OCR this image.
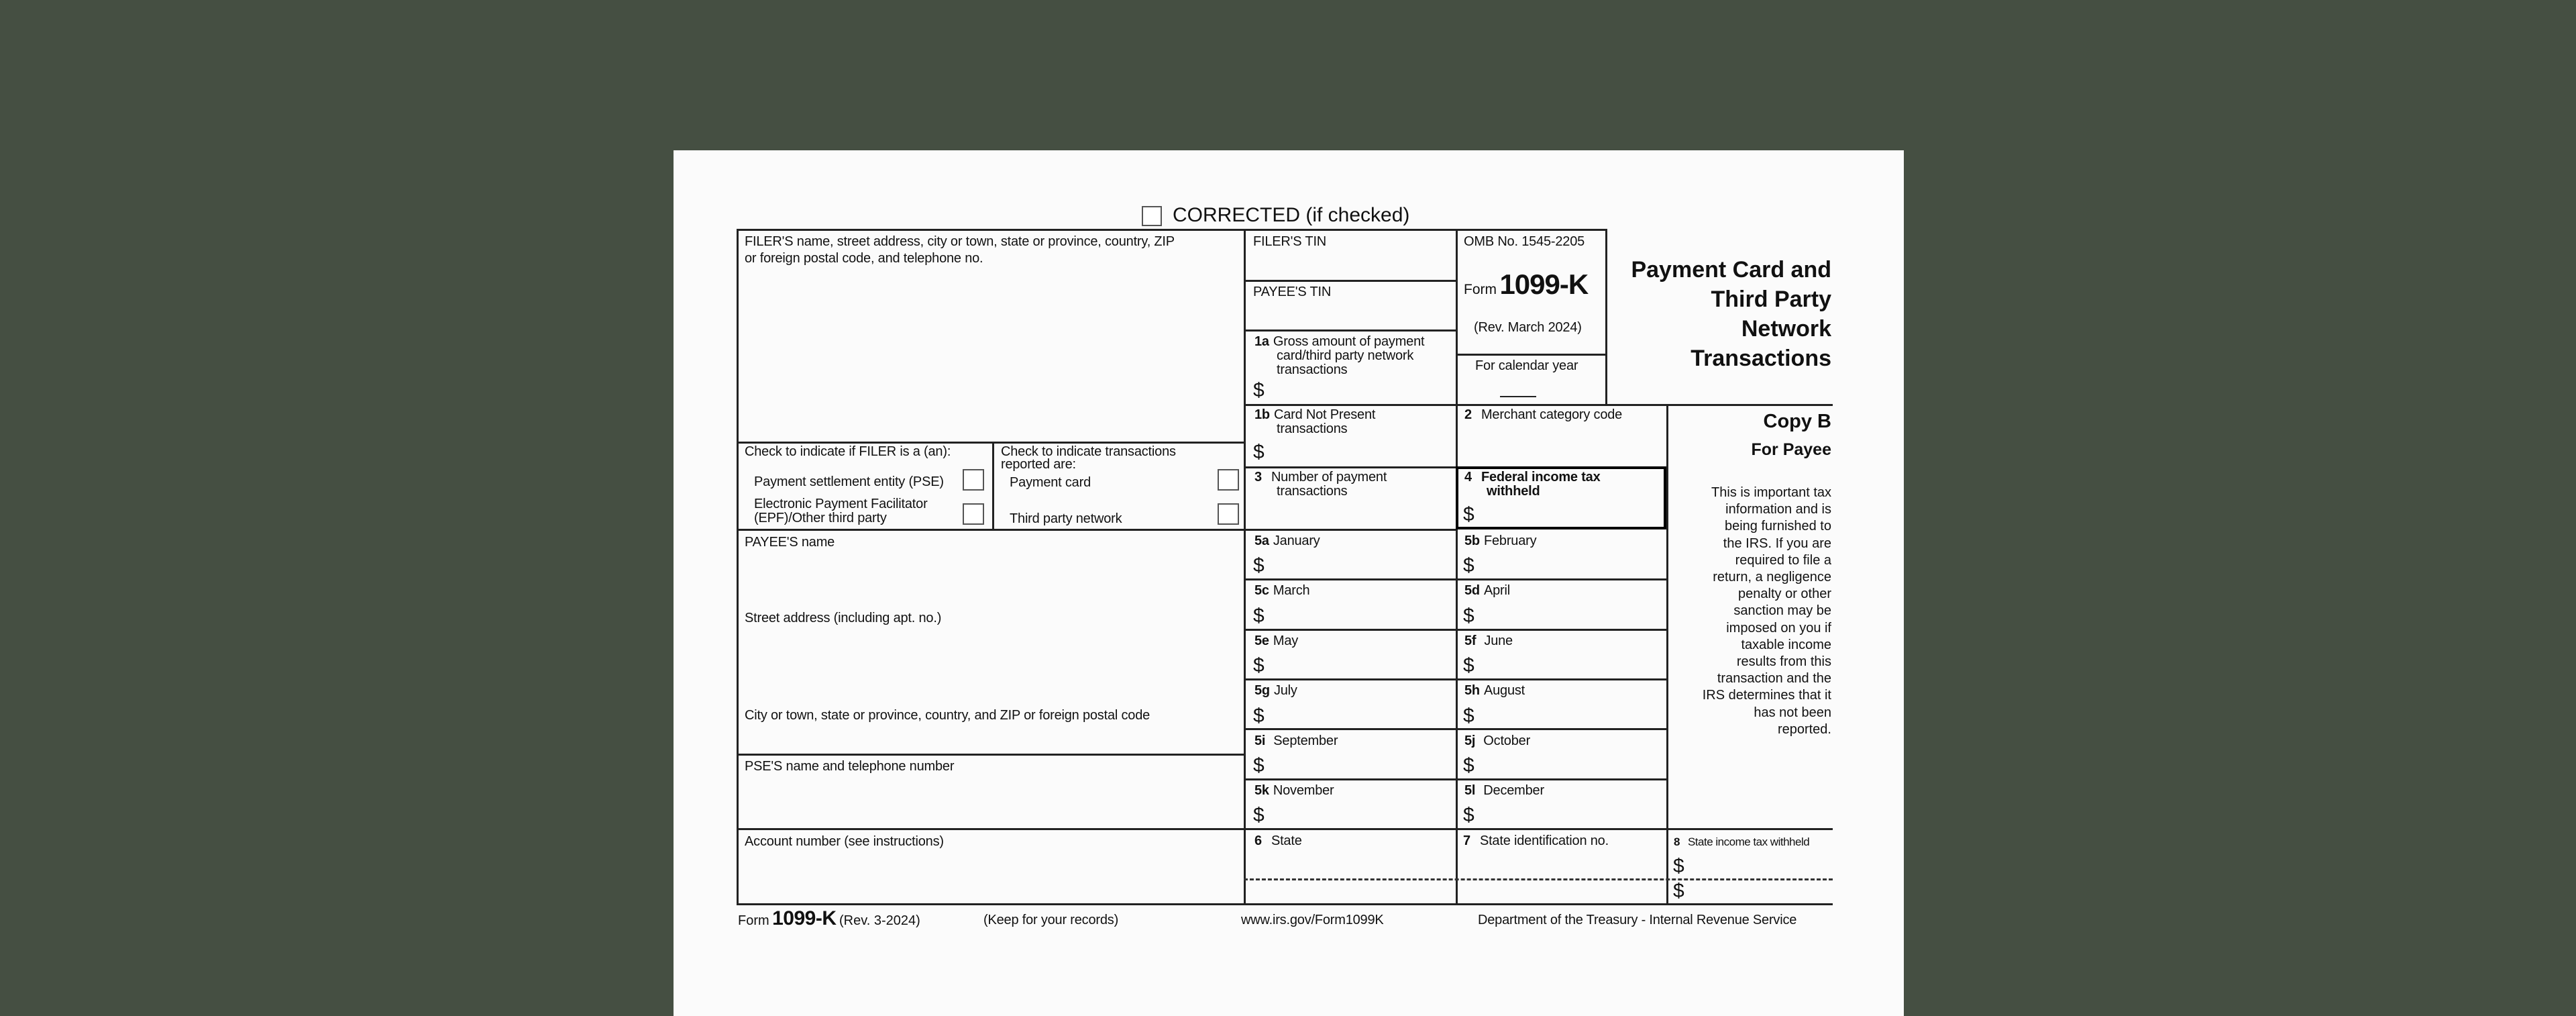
CORRECTED (if checked)
FILER'S name, street address, city or town, state or province, country, ZIP
or foreign postal code, and telephone no.
FILER'S TIN
PAYEE'S TIN
OMB No. 1545-2205
Form 1099-K
(Rev. March 2024)
For calendar year
Payment Card and
Third Party
Network
Transactions
Copy B
For Payee
This is important tax
information and is
being furnished to
the IRS. If you are
required to file a
return, a negligence
penalty or other
sanction may be
imposed on you if
taxable income
results from this
transaction and the
IRS determines that it
has not been
reported.
1a Gross amount of payment
card/third party network
transactions
$
1b Card Not Present
transactions
$
2 Merchant category code
3 Number of payment
transactions
4 Federal income tax
withheld
$
Check to indicate if FILER is a (an):
Payment settlement entity (PSE)
Electronic Payment Facilitator
(EPF)/Other third party
Check to indicate transactions
reported are:
Payment card
Third party network
PAYEE'S name
Street address (including apt. no.)
City or town, state or province, country, and ZIP or foreign postal code
PSE'S name and telephone number
Account number (see instructions)
5a January
$
5b February
$
5c March
$
5d April
$
5e May
$
5f June
$
5g July
$
5h August
$
5i September
$
5j October
$
5k November
$
5l December
$
6 State	7 State identification no.	8 State income tax withheld
$
$
Form 1099-K (Rev. 3-2024)	(Keep for your records)	www.irs.gov/Form1099K	Department of the Treasury - Internal Revenue Service
